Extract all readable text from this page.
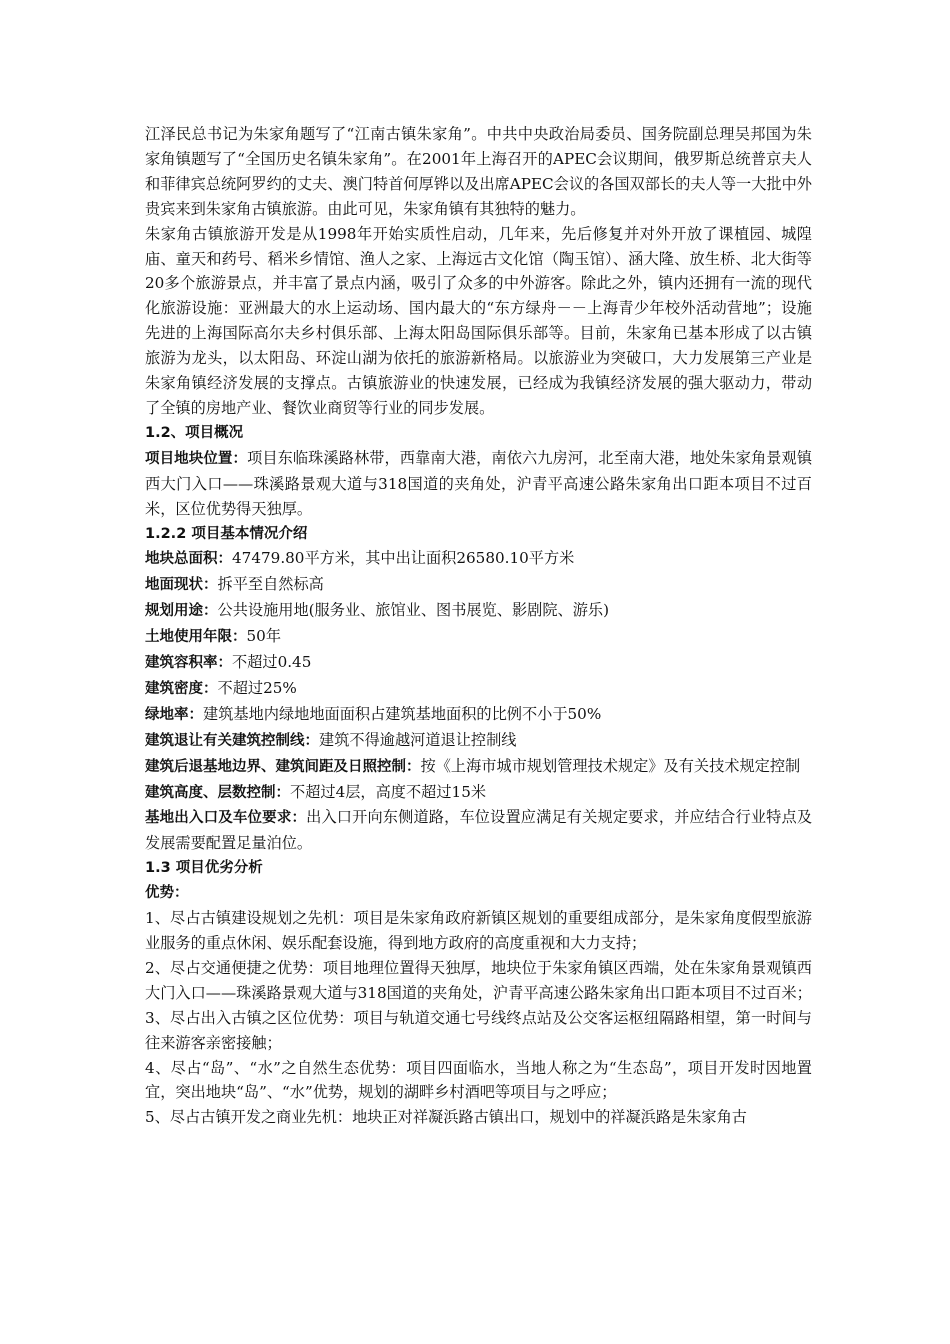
江泽民总书记为朱家角题写了“江南古镇朱家角”。中共中央政治局委员、国务院副总理吴邦国为朱家角镇题写了“全国历史名镇朱家角”。在2001年上海召开的APEC会议期间，俄罗斯总统普京夫人和菲律宾总统阿罗约的丈夫、澳门特首何厚铧以及出席APEC会议的各国双部长的夫人等一大批中外贵宾来到朱家角古镇旅游。由此可见，朱家角镇有其独特的魅力。

朱家角古镇旅游开发是从1998年开始实质性启动，几年来，先后修复并对外开放了课植园、城隍庙、童天和药号、稻米乡情馆、渔人之家、上海远古文化馆（陶玉馆）、涵大隆、放生桥、北大街等20多个旅游景点，并丰富了景点内涵，吸引了众多的中外游客。除此之外，镇内还拥有一流的现代化旅游设施：亚洲最大的水上运动场、国内最大的“东方绿舟－－上海青少年校外活动营地”；设施先进的上海国际高尔夫乡村俱乐部、上海太阳岛国际俱乐部等。目前，朱家角已基本形成了以古镇旅游为龙头，以太阳岛、环淀山湖为依托的旅游新格局。以旅游业为突破口，大力发展第三产业是朱家角镇经济发展的支撑点。古镇旅游业的快速发展，已经成为我镇经济发展的强大驱动力，带动了全镇的房地产业、餐饮业商贸等行业的同步发展。

1.2、项目概况

项目地块位置：项目东临珠溪路林带，西靠南大港，南依六九房河，北至南大港，地处朱家角景观镇西大门入口——珠溪路景观大道与318国道的夹角处，沪青平高速公路朱家角出口距本项目不过百米，区位优势得天独厚。

1.2.2 项目基本情况介绍

地块总面积：47479.80平方米，其中出让面积26580.10平方米

地面现状：拆平至自然标高

规划用途：公共设施用地(服务业、旅馆业、图书展览、影剧院、游乐)

土地使用年限：50年

建筑容积率：不超过0.45

建筑密度：不超过25%

绿地率：建筑基地内绿地地面面积占建筑基地面积的比例不小于50%

建筑退让有关建筑控制线：建筑不得逾越河道退让控制线

建筑后退基地边界、建筑间距及日照控制：按《上海市城市规划管理技术规定》及有关技术规定控制

建筑高度、层数控制：不超过4层，高度不超过15米

基地出入口及车位要求：出入口开向东侧道路，车位设置应满足有关规定要求，并应结合行业特点及发展需要配置足量泊位。

1.3 项目优劣分析

优势：

1、尽占古镇建设规划之先机：项目是朱家角政府新镇区规划的重要组成部分，是朱家角度假型旅游业服务的重点休闲、娱乐配套设施，得到地方政府的高度重视和大力支持；

2、尽占交通便捷之优势：项目地理位置得天独厚，地块位于朱家角镇区西端，处在朱家角景观镇西大门入口——珠溪路景观大道与318国道的夹角处，沪青平高速公路朱家角出口距本项目不过百米；

3、尽占出入古镇之区位优势：项目与轨道交通七号线终点站及公交客运枢纽隔路相望，第一时间与往来游客亲密接触；

4、尽占“岛”、“水”之自然生态优势：项目四面临水，当地人称之为“生态岛”，项目开发时因地置宜，突出地块“岛”、“水”优势，规划的湖畔乡村酒吧等项目与之呼应；

5、尽占古镇开发之商业先机：地块正对祥凝浜路古镇出口，规划中的祥凝浜路是朱家角古
